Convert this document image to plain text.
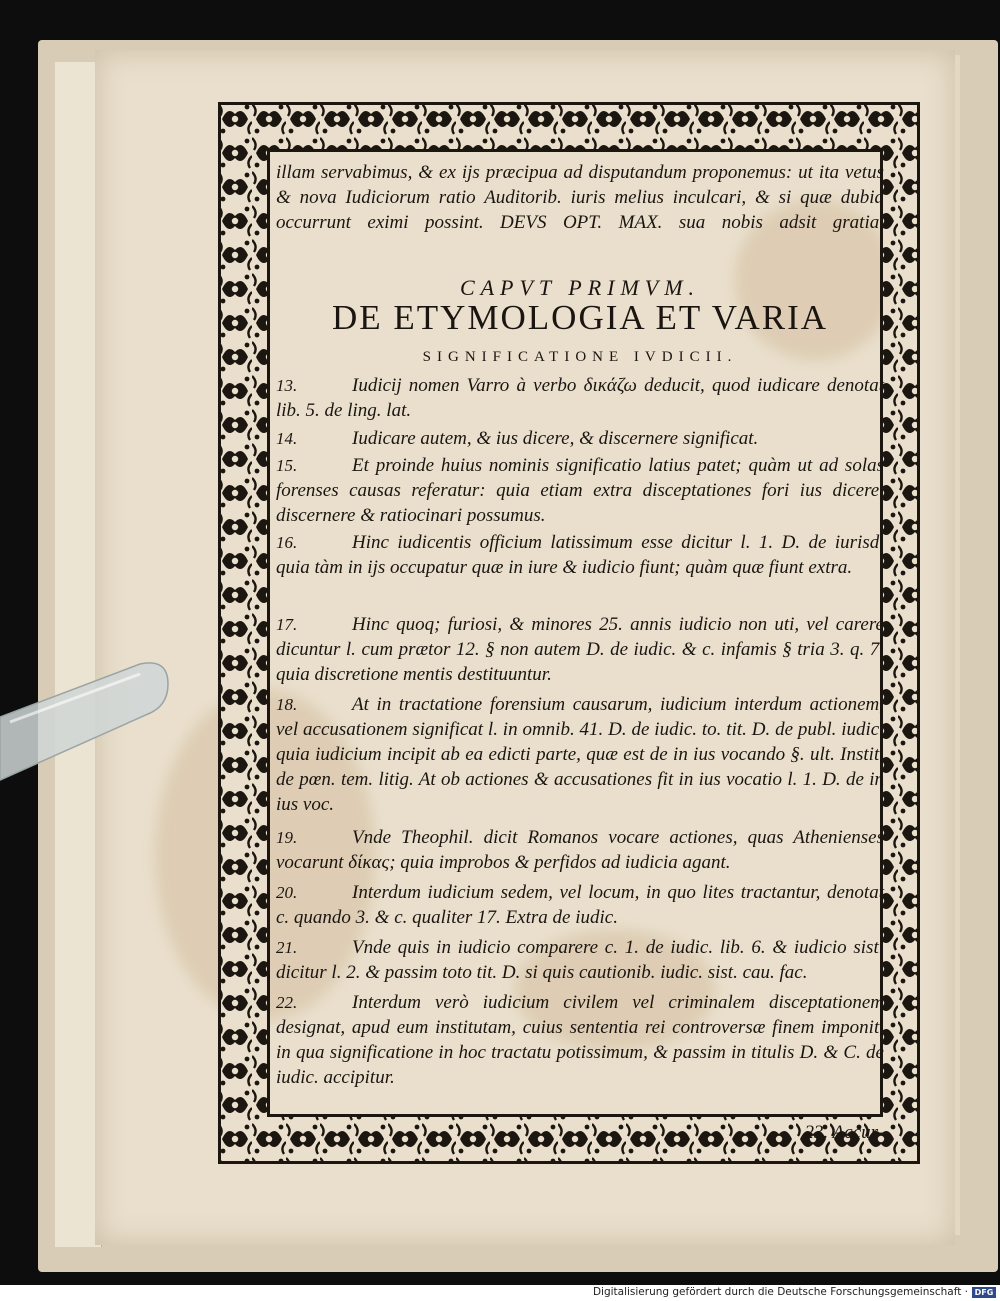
illam servabimus, & ex ijs præcipua ad disputandum proponemus: ut ita vetus & nova Iudiciorum ratio Auditorib. iuris melius inculcari, & si quæ dubia occurrunt eximi possint. DEVS OPT. MAX. sua nobis adsit gratia.

CAPVT PRIMVM.
DE ETYMOLOGIA ET VARIA
SIGNIFICATIONE IVDICII.
13.	Iudicij nomen Varro à verbo δικάζω deducit, quod iudicare denotat lib. 5. de ling. lat.
14.	Iudicare autem, & ius dicere, & discernere significat.
15.	Et proinde huius nominis significatio latius patet; quàm ut ad solas forenses causas referatur: quia etiam extra disceptationes fori ius dicere, discernere & ratiocinari possumus.
16.	Hinc iudicentis officium latissimum esse dicitur l. 1. D. de iurisd. quia tàm in ijs occupatur quæ in iure & iudicio fiunt; quàm quæ fiunt extra.
17.	Hinc quoq; furiosi, & minores 25. annis iudicio non uti, vel carere dicuntur l. cum prætor 12. § non autem D. de iudic. & c. infamis § tria 3. q. 7. quia discretione mentis destituuntur.
18.	At in tractatione forensium causarum, iudicium interdum actionem, vel accusationem significat l. in omnib. 41. D. de iudic. to. tit. D. de publ. iudic. quia iudicium incipit ab ea edicti parte, quæ est de in ius vocando §. ult. Instit. de pœn. tem. litig. At ob actiones & accusationes fit in ius vocatio l. 1. D. de in ius voc.
19.	Vnde Theophil. dicit Romanos vocare actiones, quas Athenienses vocarunt δίκας; quia improbos & perfidos ad iudicia agant.
20.	Interdum iudicium sedem, vel locum, in quo lites tractantur, denotat c. quando 3. & c. qualiter 17. Extra de iudic.
21.	Vnde quis in iudicio comparere c. 1. de iudic. lib. 6. & iudicio sisti dicitur l. 2. & passim toto tit. D. si quis cautionib. iudic. sist. cau. fac.
22.	Interdum verò iudicium civilem vel criminalem disceptationem designat, apud eum institutam, cuius sententia rei controversæ finem imponit, in qua significatione in hoc tractatu potissimum, & passim in titulis D. & C. de iudic. accipitur.
23. Accur-
Digitalisierung gefördert durch die Deutsche Forschungsgemeinschaft · DFG
